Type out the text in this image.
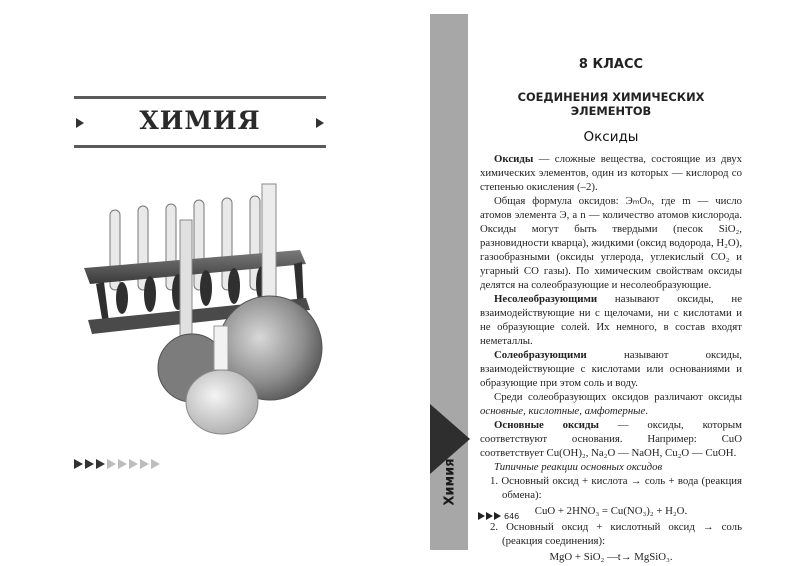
ХИМИЯ
Химия
8 КЛАСС
СОЕДИНЕНИЯ ХИМИЧЕСКИХ ЭЛЕМЕНТОВ
Оксиды

Оксиды — сложные вещества, состоящие из двух химических элементов, один из которых — кислород со степенью окисления (–2).

Общая формула оксидов: ЭₘOₙ, где m — число атомов элемента Э, а n — количество атомов кислорода. Оксиды могут быть твердыми (песок SiO₂, разновидности кварца), жидкими (оксид водорода, H₂O), газообразными (оксиды углерода, углекислый CO₂ и угарный CO газы). По химическим свойствам оксиды делятся на солеобразующие и несолеобразующие.

Несолеобразующими называют оксиды, не взаимодействующие ни с щелочами, ни с кислотами и не образующие солей. Их немного, в состав входят неметаллы.

Солеобразующими называют оксиды, взаимодействующие с кислотами или основаниями и образующие при этом соль и воду.

Среди солеобразующих оксидов различают оксиды основные, кислотные, амфотерные.

Основные оксиды — оксиды, которым соответствуют основания. Например: CuO соответствует Cu(OH)₂, Na₂O — NaOH, Cu₂O — CuOH.

Типичные реакции основных оксидов

1. Основный оксид + кислота → соль + вода (реакция обмена):

CuO + 2HNO₃ = Cu(NO₃)₂ + H₂O.

2. Основный оксид + кислотный оксид → соль (реакция соединения):

MgO + SiO₂ —t→ MgSiO₃.

646
